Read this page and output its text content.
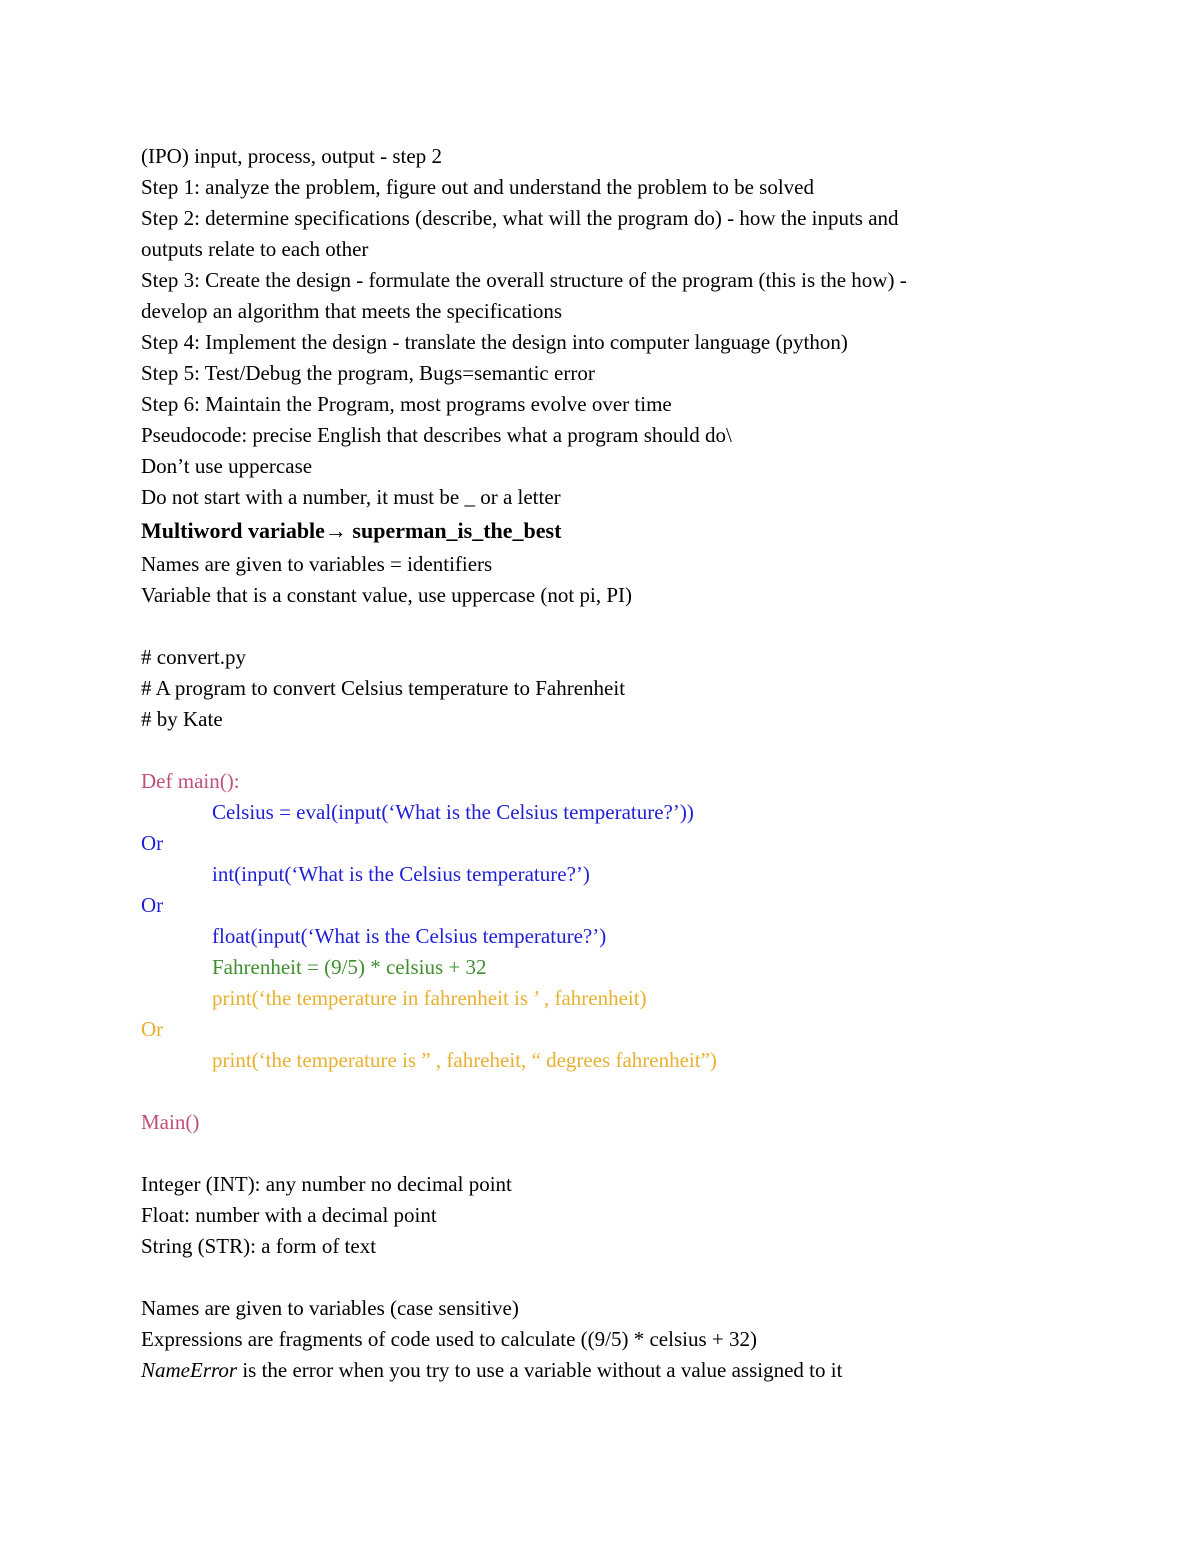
(IPO) input, process, output - step 2
Step 1: analyze the problem, figure out and understand the problem to be solved
Step 2: determine specifications (describe, what will the program do) - how the inputs and
outputs relate to each other
Step 3: Create the design - formulate the overall structure of the program (this is the how) -
develop an algorithm that meets the specifications
Step 4: Implement the design - translate the design into computer language (python)
Step 5: Test/Debug the program, Bugs=semantic error
Step 6: Maintain the Program, most programs evolve over time
Pseudocode: precise English that describes what a program should do\
Don’t use uppercase
Do not start with a number, it must be _ or a letter
Multiword variable→ superman_is_the_best
Names are given to variables = identifiers
Variable that is a constant value, use uppercase (not pi, PI)
# convert.py
# A program to convert Celsius temperature to Fahrenheit
# by Kate
Def main():
Celsius = eval(input(‘What is the Celsius temperature?’))
Or
int(input(‘What is the Celsius temperature?’)
Or
float(input(‘What is the Celsius temperature?’)
Fahrenheit = (9/5) * celsius + 32
print(‘the temperature in fahrenheit is ’ , fahrenheit)
Or
print(‘the temperature is ” , fahreheit, “ degrees fahrenheit”)
Main()
Integer (INT): any number no decimal point
Float: number with a decimal point
String (STR): a form of text
Names are given to variables (case sensitive)
Expressions are fragments of code used to calculate ((9/5) * celsius + 32)
NameError is the error when you try to use a variable without a value assigned to it
